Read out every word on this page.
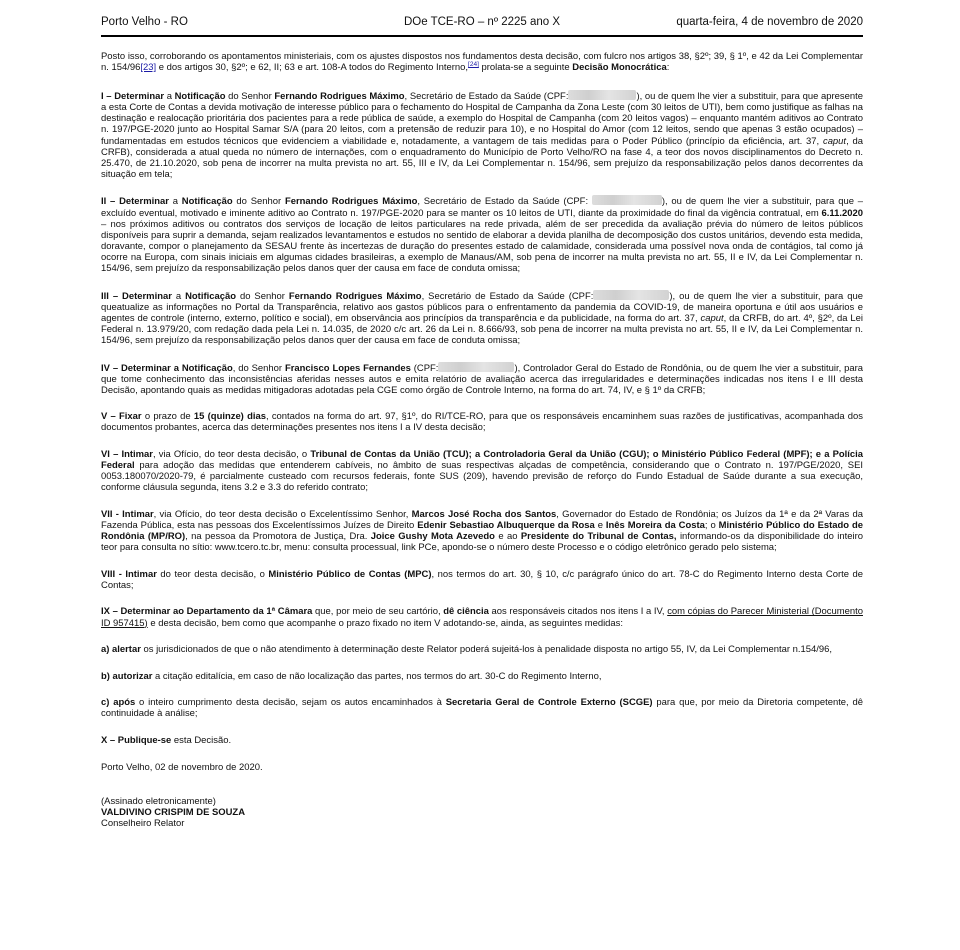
Porto Velho - RO	DOe TCE-RO – nº 2225 ano X	quarta-feira, 4 de novembro de 2020

Posto isso, corroborando os apontamentos ministeriais, com os ajustes dispostos nos fundamentos desta decisão, com fulcro nos artigos 38, §2º; 39, § 1º, e 42 da Lei Complementar n. 154/96[23] e dos artigos 30, §2º; e 62, II; 63 e art. 108-A todos do Regimento Interno,[24] prolata-se a seguinte Decisão Monocrática:

I – Determinar a Notificação do Senhor Fernando Rodrigues Máximo, Secretário de Estado da Saúde (CPF:	), ou de quem lhe vier a substituir, para que apresente a esta Corte de Contas a devida motivação de interesse público para o fechamento do Hospital de Campanha da Zona Leste (com 30 leitos de UTI), bem como justifique as falhas na destinação e realocação prioritária dos pacientes para a rede pública de saúde, a exemplo do Hospital de Campanha (com 20 leitos vagos) – enquanto mantém aditivos ao Contrato n. 197/PGE-2020 junto ao Hospital Samar S/A (para 20 leitos, com a pretensão de reduzir para 10), e no Hospital do Amor (com 12 leitos, sendo que apenas 3 estão ocupados) – fundamentadas em estudos técnicos que evidenciem a viabilidade e, notadamente, a vantagem de tais medidas para o Poder Público (princípio da eficiência, art. 37, caput, da CRFB), considerada a atual queda no número de internações, com o enquadramento do Município de Porto Velho/RO na fase 4, a teor dos novos disciplinamentos do Decreto n. 25.470, de 21.10.2020, sob pena de incorrer na multa prevista no art. 55, III e IV, da Lei Complementar n. 154/96, sem prejuízo da responsabilização pelos danos decorrentes da situação em tela;

II – Determinar a Notificação do Senhor Fernando Rodrigues Máximo, Secretário de Estado da Saúde (CPF:	), ou de quem lhe vier a substituir, para que – excluído eventual, motivado e iminente aditivo ao Contrato n. 197/PGE-2020 para se manter os 10 leitos de UTI, diante da proximidade do final da vigência contratual, em 6.11.2020 – nos próximos aditivos ou contratos dos serviços de locação de leitos particulares na rede privada, além de ser precedida da avaliação prévia do número de leitos públicos disponíveis para suprir a demanda, sejam realizados levantamentos e estudos no sentido de elaborar a devida planilha de decomposição dos custos unitários, devendo esta medida, doravante, compor o planejamento da SESAU frente às incertezas de duração do presentes estado de calamidade, considerada uma possível nova onda de contágios, tal como já ocorre na Europa, com sinais iniciais em algumas cidades brasileiras, a exemplo de Manaus/AM, sob pena de incorrer na multa prevista no art. 55, II e IV, da Lei Complementar n. 154/96, sem prejuízo da responsabilização pelos danos quer der causa em face de conduta omissa;

III – Determinar a Notificação do Senhor Fernando Rodrigues Máximo, Secretário de Estado da Saúde (CPF:	), ou de quem lhe vier a substituir, para que queatualize as informações no Portal da Transparência, relativo aos gastos públicos para o enfrentamento da pandemia da COVID-19, de maneira oportuna e útil aos usuários e agentes de controle (interno, externo, político e social), em observância aos princípios da transparência e da publicidade, na forma do art. 37, caput, da CRFB, do art. 4º, §2º, da Lei Federal n. 13.979/20, com redação dada pela Lei n. 14.035, de 2020 c/c art. 26 da Lei n. 8.666/93, sob pena de incorrer na multa prevista no art. 55, II e IV, da Lei Complementar n. 154/96, sem prejuízo da responsabilização pelos danos quer der causa em face de conduta omissa;

IV – Determinar a Notificação, do Senhor Francisco Lopes Fernandes (CPF:	), Controlador Geral do Estado de Rondônia, ou de quem lhe vier a substituir, para que tome conhecimento das inconsistências aferidas nesses autos e emita relatório de avaliação acerca das irregularidades e determinações indicadas nos itens I e III desta Decisão, apontando quais as medidas mitigadoras adotadas pela CGE como órgão de Controle Interno, na forma do art. 74, IV, e § 1º da CRFB;

V – Fixar o prazo de 15 (quinze) dias, contados na forma do art. 97, §1º, do RI/TCE-RO, para que os responsáveis encaminhem suas razões de justificativas, acompanhada dos documentos probantes, acerca das determinações presentes nos itens I a IV desta decisão;

VI – Intimar, via Ofício, do teor desta decisão, o Tribunal de Contas da União (TCU); a Controladoria Geral da União (CGU); o Ministério Público Federal (MPF); e a Polícia Federal para adoção das medidas que entenderem cabíveis, no âmbito de suas respectivas alçadas de competência, considerando que o Contrato n. 197/PGE/2020, SEI 0053.180070/2020-79, é parcialmente custeado com recursos federais, fonte SUS (209), havendo previsão de reforço do Fundo Estadual de Saúde durante a sua execução, conforme cláusula segunda, itens 3.2 e 3.3 do referido contrato;

VII - Intimar, via Ofício, do teor desta decisão o Excelentíssimo Senhor, Marcos José Rocha dos Santos, Governador do Estado de Rondônia; os Juízos da 1ª e da 2ª Varas da Fazenda Pública, esta nas pessoas dos Excelentíssimos Juízes de Direito Edenir Sebastiao Albuquerque da Rosa e Inês Moreira da Costa; o Ministério Público do Estado de Rondônia (MP/RO), na pessoa da Promotora de Justiça, Dra. Joice Gushy Mota Azevedo e ao Presidente do Tribunal de Contas, informando-os da disponibilidade do inteiro teor para consulta no sítio: www.tcero.tc.br, menu: consulta processual, link PCe, apondo-se o número deste Processo e o código eletrônico gerado pelo sistema;

VIII - Intimar do teor desta decisão, o Ministério Público de Contas (MPC), nos termos do art. 30, § 10, c/c parágrafo único do art. 78-C do Regimento Interno desta Corte de Contas;

IX – Determinar ao Departamento da 1ª Câmara que, por meio de seu cartório, dê ciência aos responsáveis citados nos itens I a IV, com cópias do Parecer Ministerial (Documento ID 957415) e desta decisão, bem como que acompanhe o prazo fixado no item V adotando-se, ainda, as seguintes medidas:

a) alertar os jurisdicionados de que o não atendimento à determinação deste Relator poderá sujeitá-los à penalidade disposta no artigo 55, IV, da Lei Complementar n.154/96,

b) autorizar a citação editalícia, em caso de não localização das partes, nos termos do art. 30-C do Regimento Interno,

c) após o inteiro cumprimento desta decisão, sejam os autos encaminhados à Secretaria Geral de Controle Externo (SCGE) para que, por meio da Diretoria competente, dê continuidade à análise;

X – Publique-se esta Decisão.

Porto Velho, 02 de novembro de 2020.

(Assinado eletronicamente)

VALDIVINO CRISPIM DE SOUZA

Conselheiro Relator
